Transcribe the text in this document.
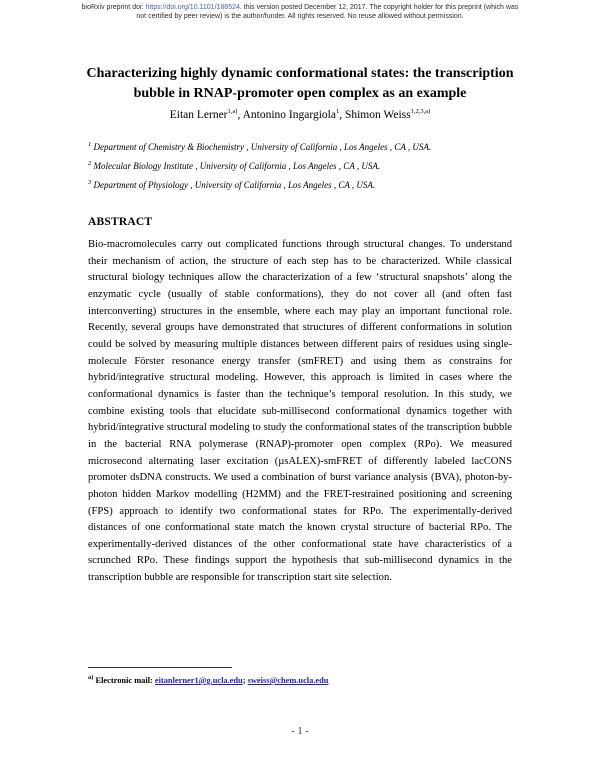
bioRxiv preprint doi: https://doi.org/10.1101/188524. this version posted December 12, 2017. The copyright holder for this preprint (which was
not certified by peer review) is the author/funder. All rights reserved. No reuse allowed without permission.
Characterizing highly dynamic conformational states: the transcription
bubble in RNAP-promoter open complex as an example
Eitan Lerner$^{1,a)}$, Antonino Ingargiola$^1$, Shimon Weiss$^{1,2,3,a)}$
$^1$ Department of Chemistry & Biochemistry , University of California , Los Angeles , CA , USA.
$^2$ Molecular Biology Institute , University of California , Los Angeles , CA , USA.
$^3$ Department of Physiology , University of California , Los Angeles , CA , USA.
ABSTRACT

Bio-macromolecules carry out complicated functions through structural changes. To understand their mechanism of action, the structure of each step has to be characterized. While classical structural biology techniques allow the characterization of a few ‘structural snapshots’ along the enzymatic cycle (usually of stable conformations), they do not cover all (and often fast interconverting) structures in the ensemble, where each may play an important functional role. Recently, several groups have demonstrated that structures of different conformations in solution could be solved by measuring multiple distances between different pairs of residues using single-molecule Förster resonance energy transfer (smFRET) and using them as constrains for hybrid/integrative structural modeling. However, this approach is limited in cases where the conformational dynamics is faster than the technique’s temporal resolution. In this study, we combine existing tools that elucidate sub-millisecond conformational dynamics together with hybrid/integrative structural modeling to study the conformational states of the transcription bubble in the bacterial RNA polymerase (RNAP)-promoter open complex (RPo). We measured microsecond alternating laser excitation (µsALEX)-smFRET of differently labeled lacCONS promoter dsDNA constructs. We used a combination of burst variance analysis (BVA), photon-by-photon hidden Markov modelling (H2MM) and the FRET-restrained positioning and screening (FPS) approach to identify two conformational states for RPo. The experimentally-derived distances of one conformational state match the known crystal structure of bacterial RPo. The experimentally-derived distances of the other conformational state have characteristics of a scrunched RPo. These findings support the hypothesis that sub-millisecond dynamics in the transcription bubble are responsible for transcription start site selection.

$^{a)}$ Electronic mail: eitanlerner1@g.ucla.edu; sweiss@chem.ucla.edu
- 1 -
